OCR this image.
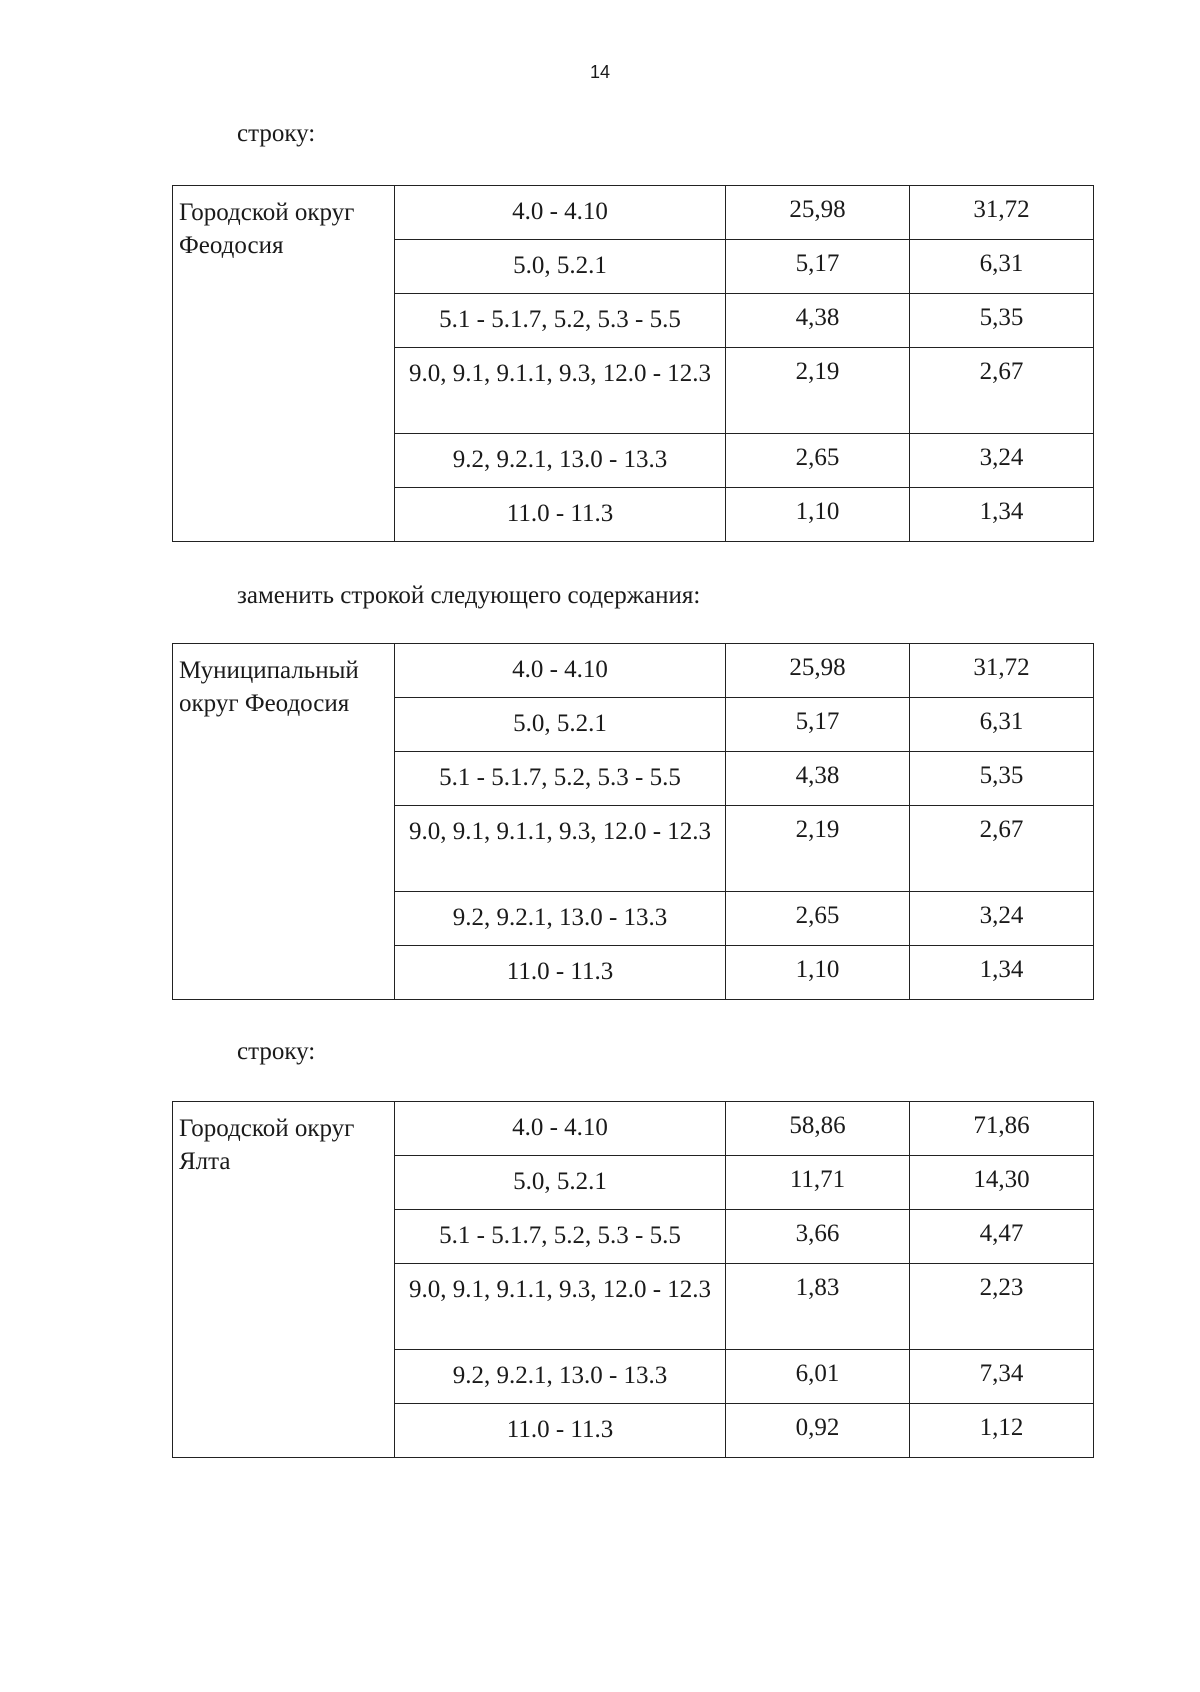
14
строку:
Городской округ Феодосия	4.0 - 4.10	25,98	31,72
	5.0, 5.2.1	5,17	6,31
	5.1 - 5.1.7, 5.2, 5.3 - 5.5	4,38	5,35
	9.0, 9.1, 9.1.1, 9.3, 12.0 - 12.3	2,19	2,67
	9.2, 9.2.1, 13.0 - 13.3	2,65	3,24
	11.0 - 11.3	1,10	1,34
заменить строкой следующего содержания:
Муниципальный округ Феодосия	4.0 - 4.10	25,98	31,72
	5.0, 5.2.1	5,17	6,31
	5.1 - 5.1.7, 5.2, 5.3 - 5.5	4,38	5,35
	9.0, 9.1, 9.1.1, 9.3, 12.0 - 12.3	2,19	2,67
	9.2, 9.2.1, 13.0 - 13.3	2,65	3,24
	11.0 - 11.3	1,10	1,34
строку:
Городской округ Ялта	4.0 - 4.10	58,86	71,86
	5.0, 5.2.1	11,71	14,30
	5.1 - 5.1.7, 5.2, 5.3 - 5.5	3,66	4,47
	9.0, 9.1, 9.1.1, 9.3, 12.0 - 12.3	1,83	2,23
	9.2, 9.2.1, 13.0 - 13.3	6,01	7,34
	11.0 - 11.3	0,92	1,12
